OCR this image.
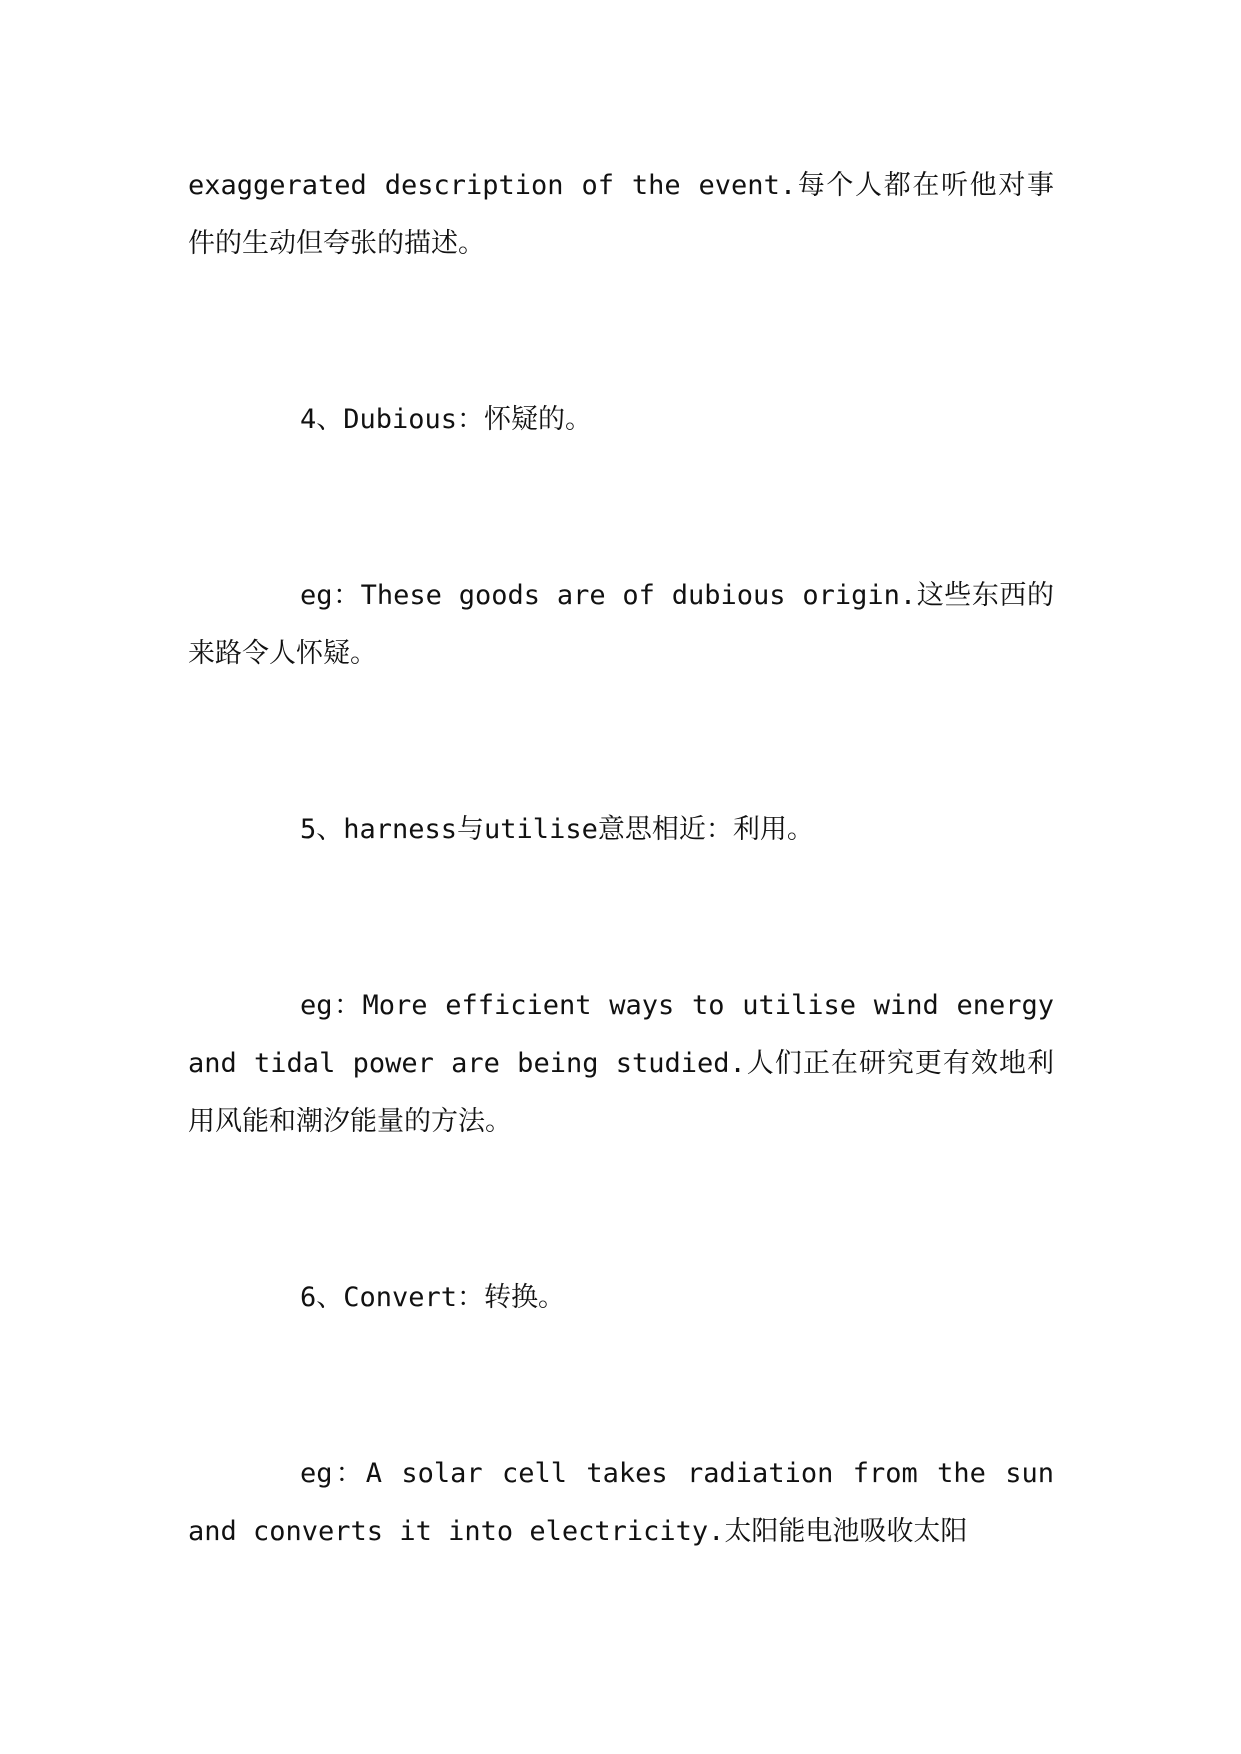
exaggerated description of the event.每个人都在听他对事件的生动但夸张的描述。

4、Dubious：怀疑的。

eg：These goods are of dubious origin.这些东西的来路令人怀疑。

5、harness与utilise意思相近：利用。

eg：More efficient ways to utilise wind energy and tidal power are being studied.人们正在研究更有效地利用风能和潮汐能量的方法。

6、Convert：转换。

eg：A solar cell takes radiation from the sun and converts it into electricity.太阳能电池吸收太阳
